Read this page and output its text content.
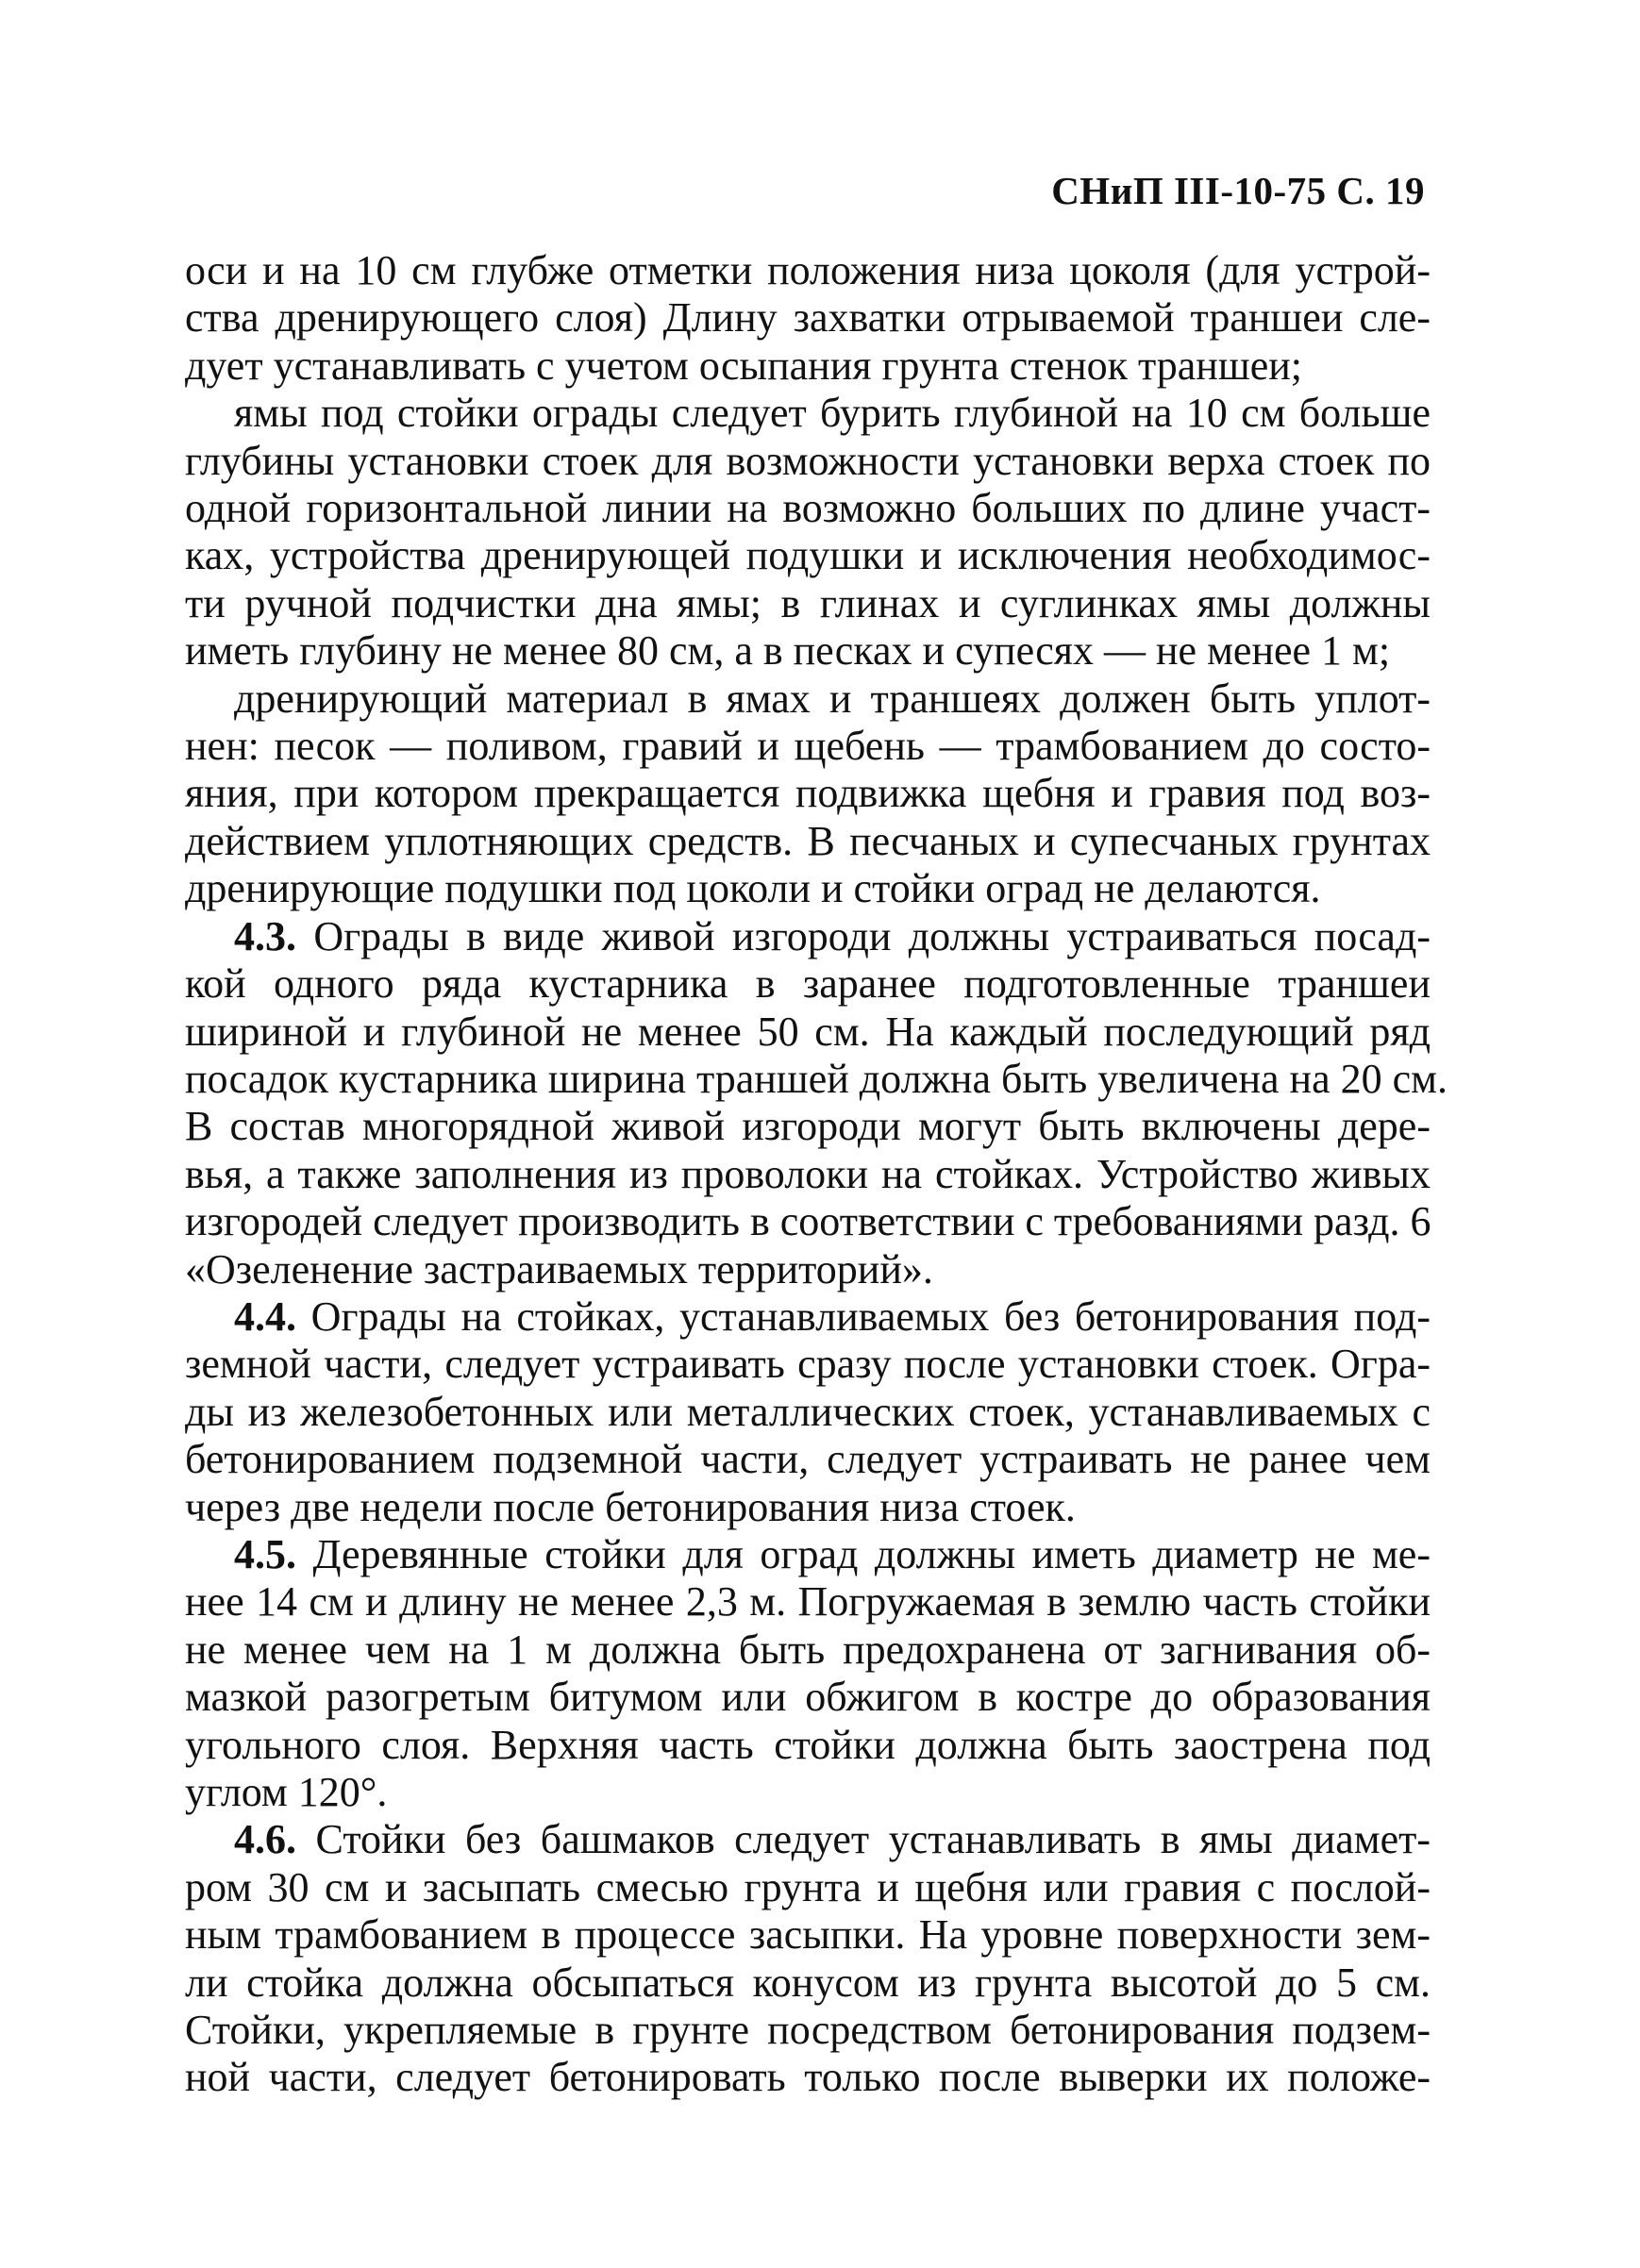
СНиП III-10-75 С. 19
оси и на 10 см глубже отметки положения низа цоколя (для устрой-
ства дренирующего слоя) Длину захватки отрываемой траншеи сле-
дует устанавливать с учетом осыпания грунта стенок траншеи;
ямы под стойки ограды следует бурить глубиной на 10 см больше
глубины установки стоек для возможности установки верха стоек по
одной горизонтальной линии на возможно больших по длине участ-
ках, устройства дренирующей подушки и исключения необходимос-
ти ручной подчистки дна ямы; в глинах и суглинках ямы должны
иметь глубину не менее 80 см, а в песках и супесях — не менее 1 м;
дренирующий материал в ямах и траншеях должен быть уплот-
нен: песок — поливом, гравий и щебень — трамбованием до состо-
яния, при котором прекращается подвижка щебня и гравия под воз-
действием уплотняющих средств. В песчаных и супесчаных грунтах
дренирующие подушки под цоколи и стойки оград не делаются.
4.3. Ограды в виде живой изгороди должны устраиваться посад-
кой одного ряда кустарника в заранее подготовленные траншеи
шириной и глубиной не менее 50 см. На каждый последующий ряд
посадок кустарника ширина траншей должна быть увеличена на 20 см.
В состав многорядной живой изгороди могут быть включены дере-
вья, а также заполнения из проволоки на стойках. Устройство живых
изгородей следует производить в соответствии с требованиями разд. 6
«Озеленение застраиваемых территорий».
4.4. Ограды на стойках, устанавливаемых без бетонирования под-
земной части, следует устраивать сразу после установки стоек. Огра-
ды из железобетонных или металлических стоек, устанавливаемых с
бетонированием подземной части, следует устраивать не ранее чем
через две недели после бетонирования низа стоек.
4.5. Деревянные стойки для оград должны иметь диаметр не ме-
нее 14 см и длину не менее 2,3 м. Погружаемая в землю часть стойки
не менее чем на 1 м должна быть предохранена от загнивания об-
мазкой разогретым битумом или обжигом в костре до образования
угольного слоя. Верхняя часть стойки должна быть заострена под
углом 120°.
4.6. Стойки без башмаков следует устанавливать в ямы диамет-
ром 30 см и засыпать смесью грунта и щебня или гравия с послой-
ным трамбованием в процессе засыпки. На уровне поверхности зем-
ли стойка должна обсыпаться конусом из грунта высотой до 5 см.
Стойки, укрепляемые в грунте посредством бетонирования подзем-
ной части, следует бетонировать только после выверки их положе-
